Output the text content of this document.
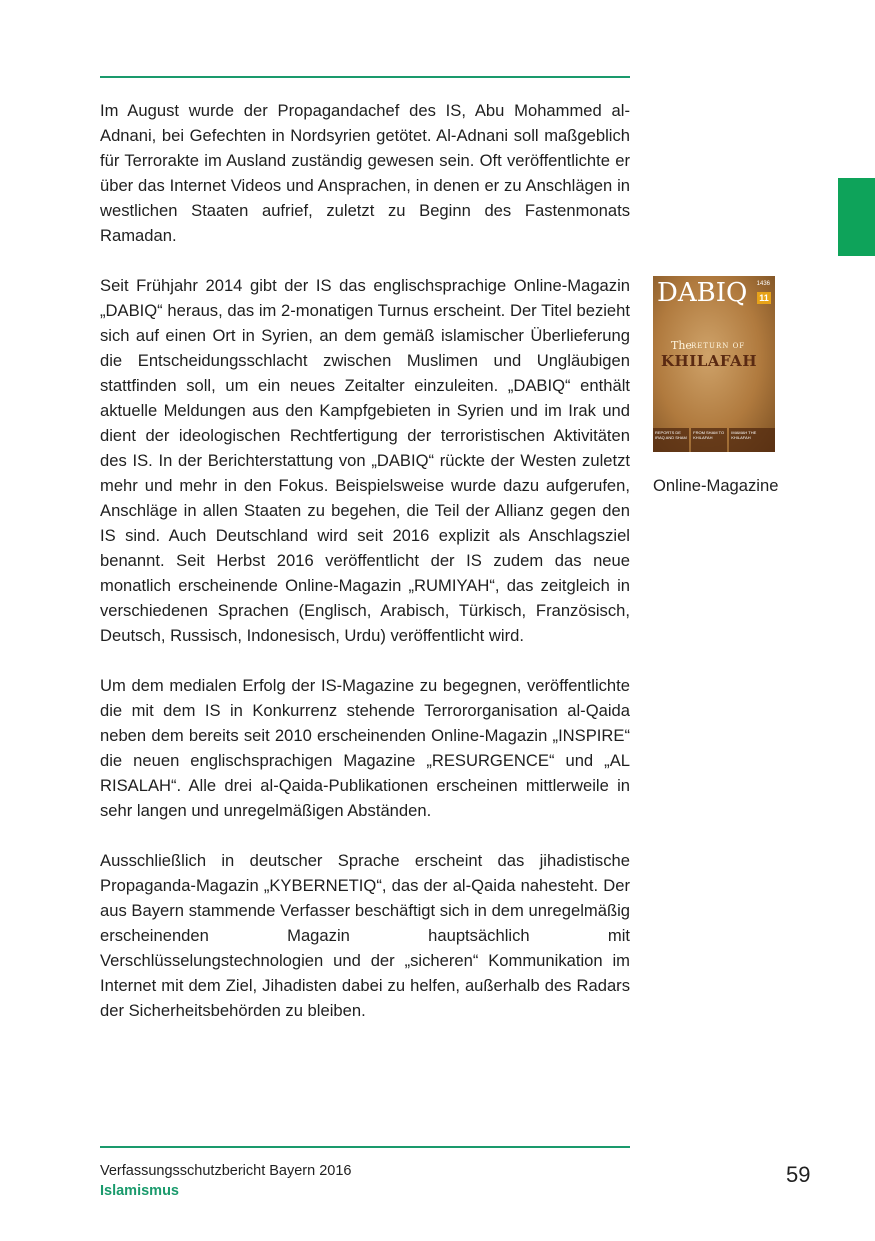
Im August wurde der Propagandachef des IS, Abu Mohammed al-Adnani, bei Gefechten in Nordsyrien getötet. Al-Adnani soll maßgeblich für Terrorakte im Ausland zuständig gewesen sein. Oft veröffentlichte er über das Internet Videos und Ansprachen, in denen er zu Anschlägen in westlichen Staaten aufrief, zuletzt zu Beginn des Fastenmonats Ramadan.

Seit Frühjahr 2014 gibt der IS das englischsprachige Online-Magazin „DABIQ“ heraus, das im 2-monatigen Turnus erscheint. Der Titel bezieht sich auf einen Ort in Syrien, an dem gemäß islamischer Überlieferung die Entscheidungsschlacht zwischen Muslimen und Ungläubigen stattfinden soll, um ein neues Zeitalter einzuleiten. „DABIQ“ enthält aktuelle Meldungen aus den Kampfgebieten in Syrien und im Irak und dient der ideologischen Rechtfertigung der terroristischen Aktivitäten des IS. In der Berichterstattung von „DABIQ“ rückte der Westen zuletzt mehr und mehr in den Fokus. Beispielsweise wurde dazu aufgerufen, Anschläge in allen Staaten zu begehen, die Teil der Allianz gegen den IS sind. Auch Deutschland wird seit 2016 explizit als Anschlagsziel benannt. Seit Herbst 2016 veröffentlicht der IS zudem das neue monatlich erscheinende Online-Magazin „RUMIYAH“, das zeitgleich in verschiedenen Sprachen (Englisch, Arabisch, Türkisch, Französisch, Deutsch, Russisch, Indonesisch, Urdu) veröffentlicht wird.

Um dem medialen Erfolg der IS-Magazine zu begegnen, veröffentlichte die mit dem IS in Konkurrenz stehende Terrororganisation al-Qaida neben dem bereits seit 2010 erscheinenden Online-Magazin „INSPIRE“ die neuen englischsprachigen Magazine „RESURGENCE“ und „AL RISALAH“. Alle drei al-Qaida-Publikationen erscheinen mittlerweile in sehr langen und unregelmäßigen Abständen.

Ausschließlich in deutscher Sprache erscheint das jihadistische Propaganda-Magazin „KYBERNETIQ“, das der al-Qaida nahesteht. Der aus Bayern stammende Verfasser beschäftigt sich in dem unregelmäßig erscheinenden Magazin hauptsächlich mit Verschlüsselungstechnologien und der „sicheren“ Kommunikation im Internet mit dem Ziel, Jihadisten dabei zu helfen, außerhalb des Radars der Sicherheitsbehörden zu bleiben.

DABIQ 1436
11
The RETURN OF
KHILAFAH
REPORTS DE IRAQ AND SHAM
FROM SHAM TO KHILAFAH
IMAMAH THE KHILAFAH
Online-Magazine
Verfassungsschutzbericht Bayern 2016
Islamismus
59
